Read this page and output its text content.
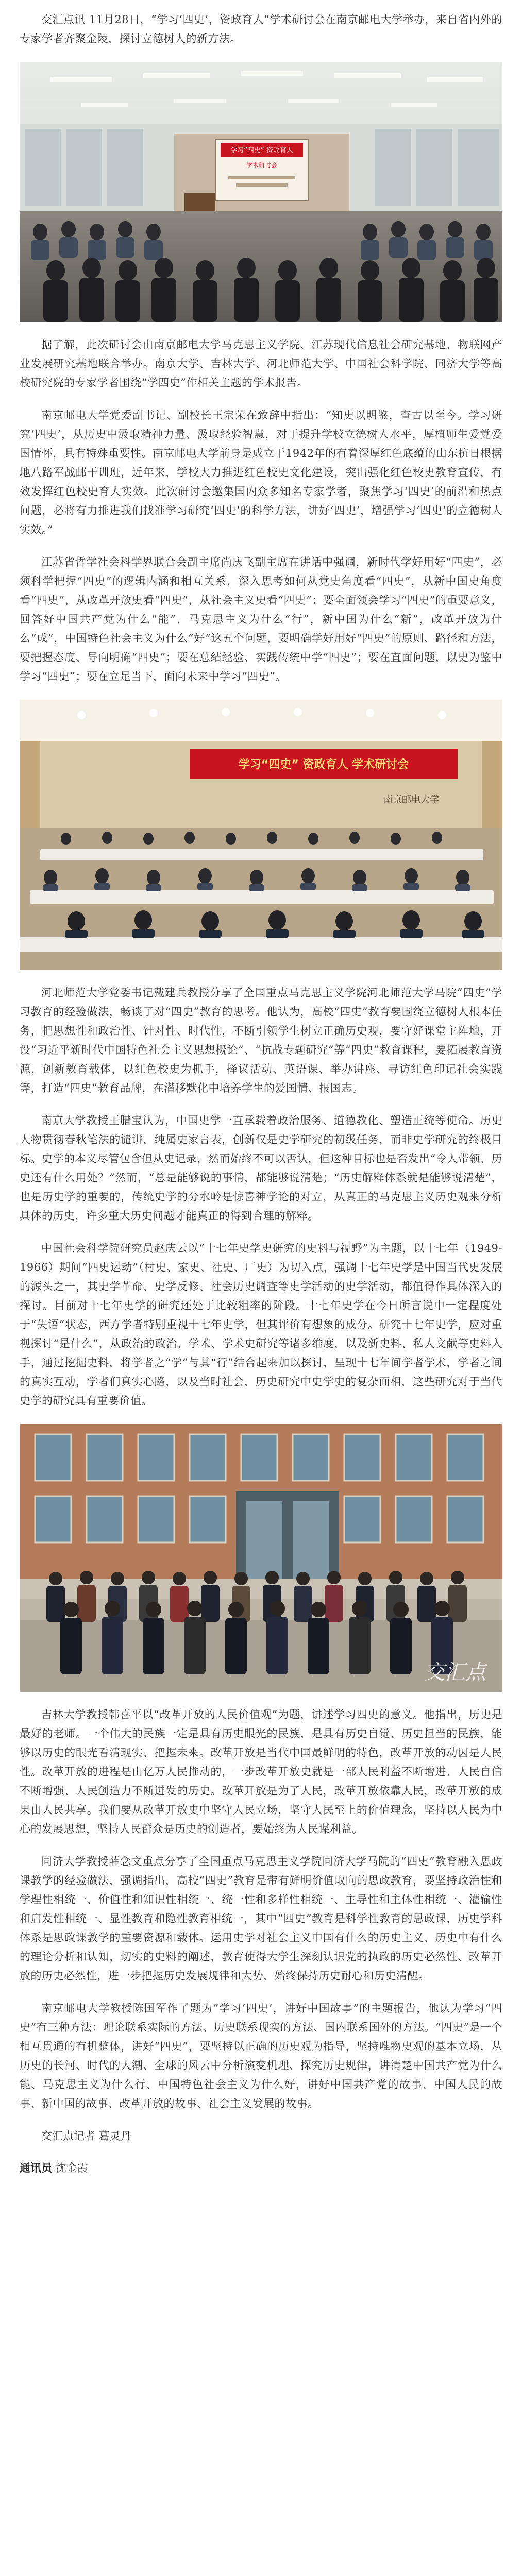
交汇点讯 11月28日，“学习‘四史’，资政育人”学术研讨会在南京邮电大学举办，来自省内外的专家学者齐聚金陵，探讨立德树人的新方法。

学习“四史” 资政育人
学术研讨会

据了解，此次研讨会由南京邮电大学马克思主义学院、江苏现代信息社会研究基地、物联网产业发展研究基地联合举办。南京大学、吉林大学、河北师范大学、中国社会科学院、同济大学等高校研究院的专家学者围绕“学四史”作相关主题的学术报告。

南京邮电大学党委副书记、副校长王宗荣在致辞中指出：“知史以明鉴，查古以至今。学习研究‘四史’，从历史中汲取精神力量、汲取经验智慧，对于提升学校立德树人水平，厚植师生爱党爱国情怀，具有特殊重要性。南京邮电大学前身是成立于1942年的有着深厚红色底蕴的山东抗日根据地八路军战邮干训班，近年来，学校大力推进红色校史文化建设，突出强化红色校史教育宣传，有效发挥红色校史育人实效。此次研讨会邀集国内众多知名专家学者，聚焦学习‘四史’的前沿和热点问题，必将有力推进我们找准学习研究‘四史’的科学方法，讲好‘四史’，增强学习‘四史’的立德树人实效。”

江苏省哲学社会科学界联合会副主席尚庆飞副主席在讲话中强调，新时代学好用好“四史”，必须科学把握“四史”的逻辑内涵和相互关系，深入思考如何从党史角度看“四史”，从新中国史角度看“四史”，从改革开放史看“四史”，从社会主义史看“四史”；要全面领会学习“四史”的重要意义，回答好中国共产党为什么“能”，马克思主义为什么“行”，新中国为什么“新”，改革开放为什么“成”，中国特色社会主义为什么“好”这五个问题，要明确学好用好“四史”的原则、路径和方法，要把握态度、导向明确“四史”；要在总结经验、实践传统中学“四史”；要在直面问题，以史为鉴中学习“四史”；要在立足当下，面向未来中学习“四史”。

学习“四史” 资政育人 学术研讨会
南京邮电大学

河北师范大学党委书记戴建兵教授分享了全国重点马克思主义学院河北师范大学马院“四史”学习教育的经验做法，畅谈了对“四史”教育的思考。他认为，高校“四史”教育要围绕立德树人根本任务，把思想性和政治性、针对性、时代性，不断引领学生树立正确历史观，要守好课堂主阵地，开设“习近平新时代中国特色社会主义思想概论”、“抗战专题研究”等“四史”教育课程，要拓展教育资源，创新教育载体，以红色校史为抓手，择议活动、英语课、举办讲座、寻访红色印记社会实践等，打造“四史”教育品牌，在潜移默化中培养学生的爱国情、报国志。

南京大学教授王腊宝认为，中国史学一直承载着政治服务、道德教化、塑造正统等使命。历史人物贯彻春秋笔法的谴讲，纯属史家言表，创新仅是史学研究的初级任务，而非史学研究的终极目标。史学的本义尽管包含但从史记录，然而始终不可以否认，但这种目标也是否发出“令人带领、历史还有什么用处？”然而，“总是能够说的事情，都能够说清楚；“历史解释体系就是能够说清楚”，也是历史学的重要的，传统史学的分水岭是惊喜神学论的对立，从真正的马克思主义历史观来分析具体的历史，许多重大历史问题才能真正的得到合理的解释。

中国社会科学院研究员赵庆云以“十七年史学史研究的史料与视野”为主题，以十七年（1949-1966）期间“四史运动”（村史、家史、社史、厂史）为切入点，强调十七年史学是中国当代史发展的源头之一，其史学革命、史学反修、社会历史调查等史学活动的史学活动，都值得作具体深入的探讨。目前对十七年史学的研究还处于比较粗率的阶段。十七年史学在今日所言说中一定程度处于“失语”状态，西方学者特别重视十七年史学，但其评价有想象的成分。研究十七年史学，应对重视探讨“是什么”，从政治的政治、学术、学术史研究等诸多维度，以及新史料、私人文献等史料入手，通过挖掘史料，将学者之“学”与其“行”结合起来加以探讨，呈现十七年间学者学术，学者之间的真实互动，学者们真实心路，以及当时社会，历史研究中史学史的复杂面相，这些研究对于当代史学的研究具有重要价值。

交汇点

吉林大学教授韩喜平以“改革开放的人民价值观”为题，讲述学习四史的意义。他指出，历史是最好的老师。一个伟大的民族一定是具有历史眼光的民族，是具有历史自觉、历史担当的民族，能够以历史的眼光看清现实、把握未来。改革开放是当代中国最鲜明的特色，改革开放的动因是人民性。改革开放的进程是由亿万人民推动的，一步改革开放史就是一部人民利益不断增进、人民自信不断增强、人民创造力不断迸发的历史。改革开放是为了人民，改革开放依靠人民，改革开放的成果由人民共享。我们要从改革开放史中坚守人民立场，坚守人民至上的价值理念，坚持以人民为中心的发展思想，坚持人民群众是历史的创造者，要始终为人民谋利益。

同济大学教授薛念文重点分享了全国重点马克思主义学院同济大学马院的“四史”教育融入思政课教学的经验做法，强调指出，高校“四史”教育是带有鲜明价值取向的思政教育，要坚持政治性和学理性相统一、价值性和知识性相统一、统一性和多样性相统一、主导性和主体性相统一、灌输性和启发性相统一、显性教育和隐性教育相统一，其中“四史”教育是科学性教育的思政课，历史学科体系是思政课教学的重要资源和载体。运用史学对社会主义中国有什么的历史主义、历史中有什么的理论分析和认知，切实的史料的阐述，教育使得大学生深刻认识党的执政的历史必然性、改革开放的历史必然性，进一步把握历史发展规律和大势，始终保持历史耐心和历史清醒。

南京邮电大学教授陈国军作了题为“学习‘四史’，讲好中国故事”的主题报告，他认为学习“四史”有三种方法：理论联系实际的方法、历史联系现实的方法、国内联系国外的方法。“四史”是一个相互贯通的有机整体，讲好“四史”，要坚持以正确的历史观为指导，坚持唯物史观的基本立场，从历史的长河、时代的大潮、全球的风云中分析演变机理、探究历史规律，讲清楚中国共产党为什么能、马克思主义为什么行、中国特色社会主义为什么好，讲好中国共产党的故事、中国人民的故事、新中国的故事、改革开放的故事、社会主义发展的故事。

交汇点记者 葛灵丹

通讯员 沈金霞
